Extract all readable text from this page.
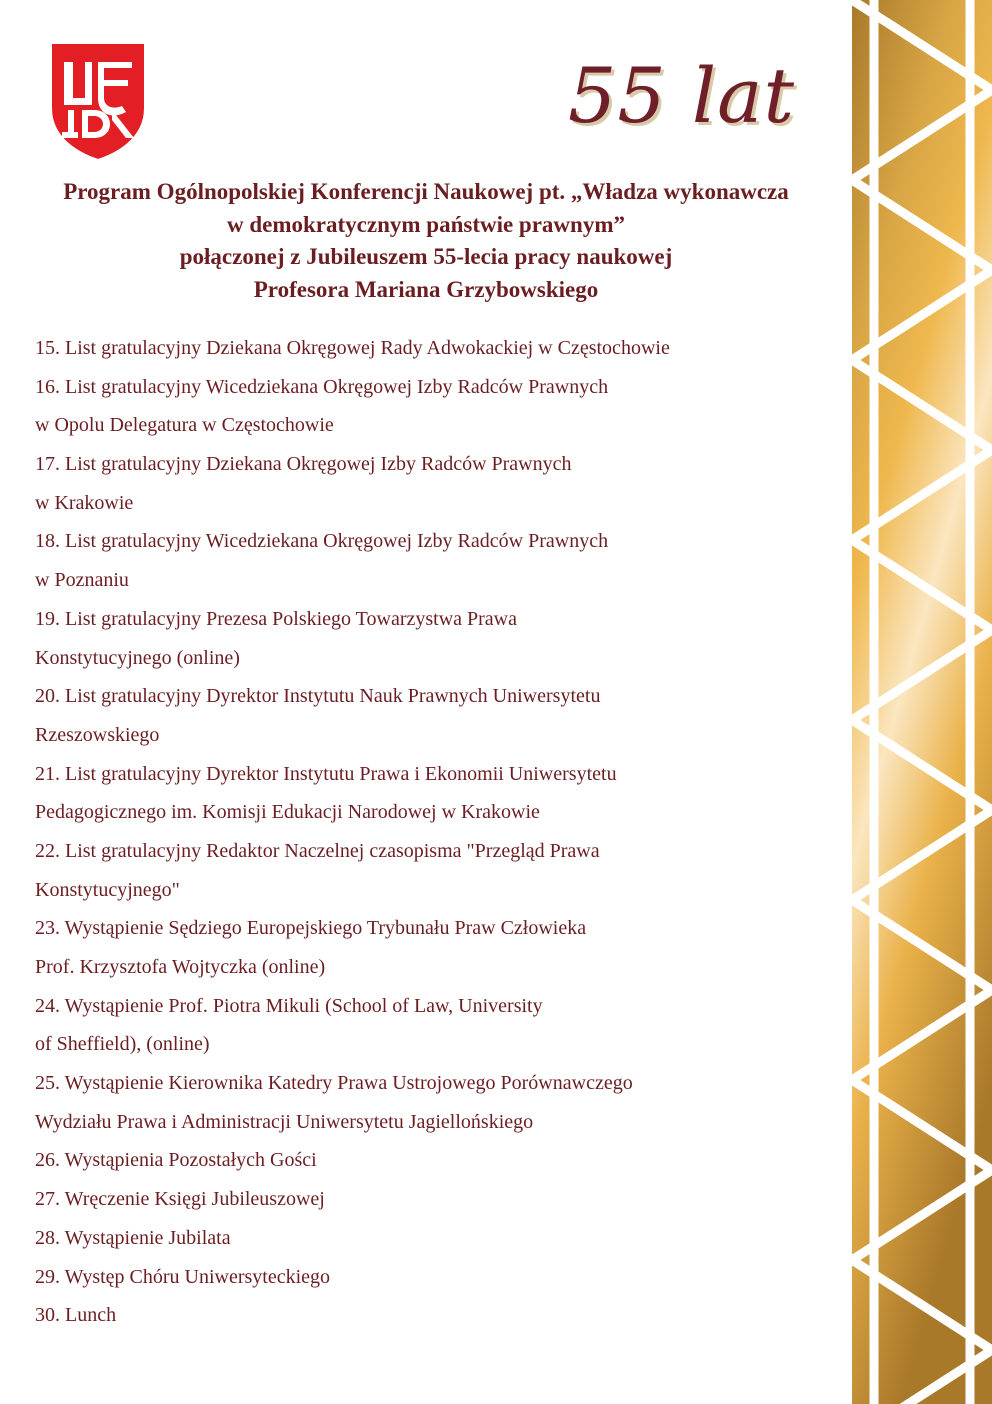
55 lat
Program Ogólnopolskiej Konferencji Naukowej pt. „Władza wykonawcza
w demokratycznym państwie prawnym”
połączonej z Jubileuszem 55-lecia pracy naukowej
Profesora Mariana Grzybowskiego
15. List gratulacyjny Dziekana Okręgowej Rady Adwokackiej w Częstochowie
16. List gratulacyjny Wicedziekana Okręgowej Izby Radców Prawnych
w Opolu Delegatura w Częstochowie
17. List gratulacyjny Dziekana Okręgowej Izby Radców Prawnych
w Krakowie
18. List gratulacyjny Wicedziekana Okręgowej Izby Radców Prawnych
w Poznaniu
19. List gratulacyjny Prezesa Polskiego Towarzystwa Prawa
Konstytucyjnego (online)
20. List gratulacyjny Dyrektor Instytutu Nauk Prawnych Uniwersytetu
Rzeszowskiego
21. List gratulacyjny Dyrektor Instytutu Prawa i Ekonomii Uniwersytetu
Pedagogicznego im. Komisji Edukacji Narodowej w Krakowie
22. List gratulacyjny Redaktor Naczelnej czasopisma "Przegląd Prawa
Konstytucyjnego"
23. Wystąpienie Sędziego Europejskiego Trybunału Praw Człowieka
Prof. Krzysztofa Wojtyczka (online)
24. Wystąpienie Prof. Piotra Mikuli (School of Law, University
of Sheffield), (online)
25. Wystąpienie Kierownika Katedry Prawa Ustrojowego Porównawczego
Wydziału Prawa i Administracji Uniwersytetu Jagiellońskiego
26. Wystąpienia Pozostałych Gości
27. Wręczenie Księgi Jubileuszowej
28. Wystąpienie Jubilata
29. Występ Chóru Uniwersyteckiego
30. Lunch
